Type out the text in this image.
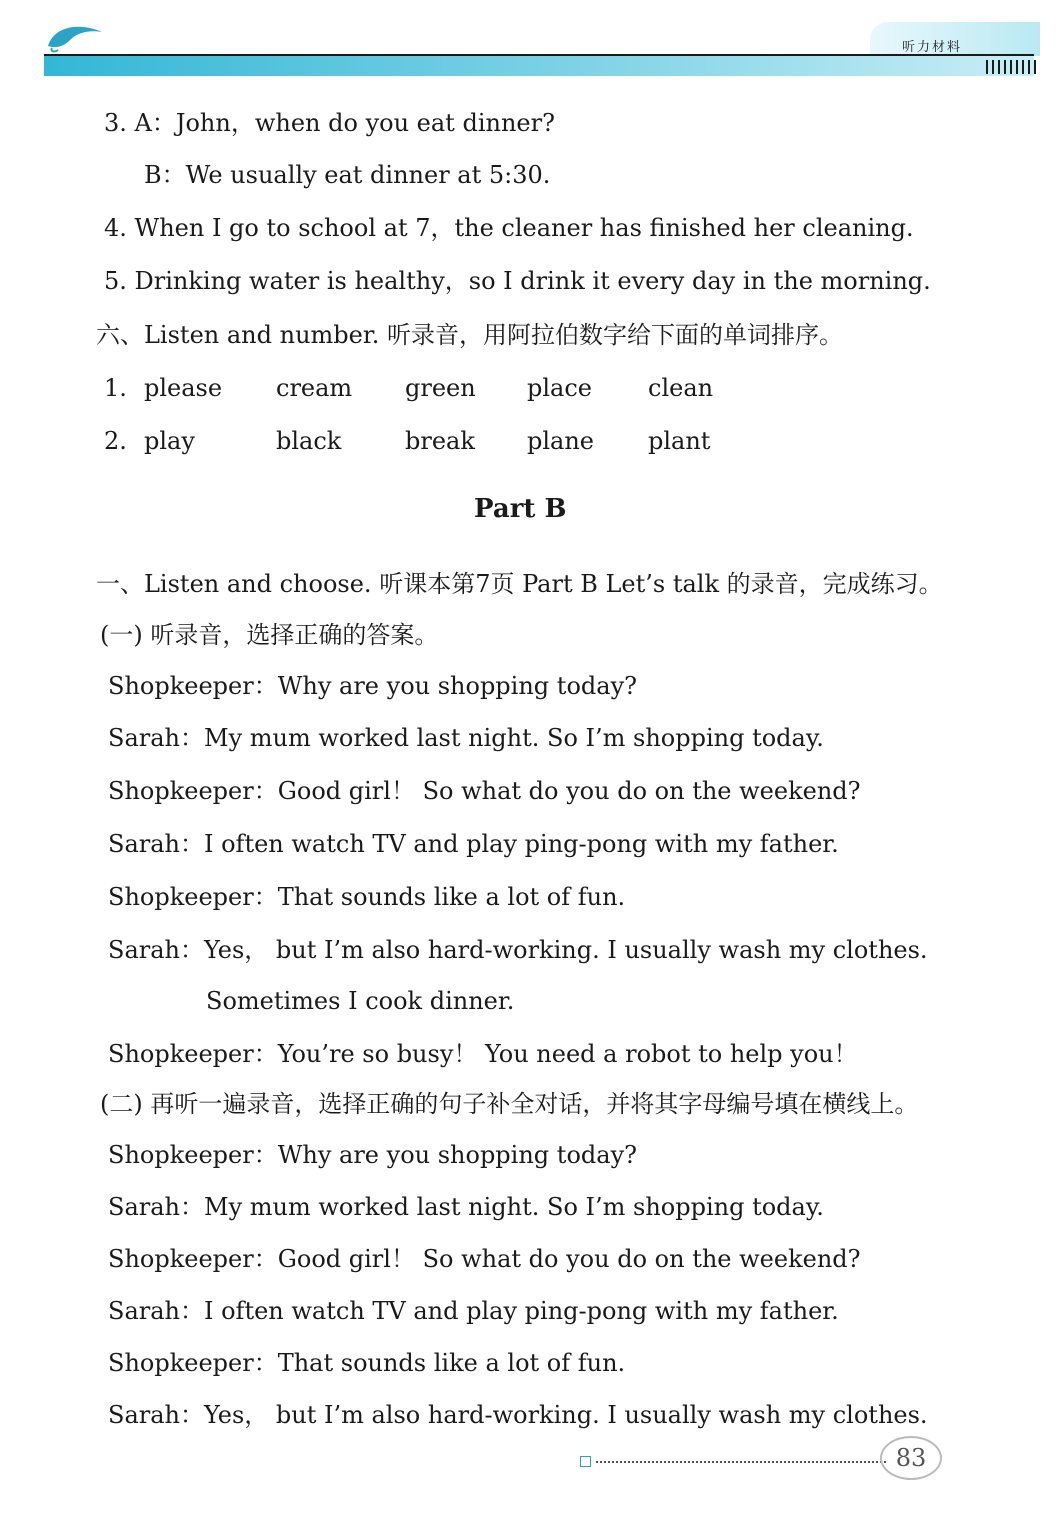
听力材料
3. A：John，when do you eat dinner?
B：We usually eat dinner at 5:30.
4. When I go to school at 7，the cleaner has finished her cleaning.
5. Drinking water is healthy，so I drink it every day in the morning.
六、Listen and number. 听录音，用阿拉伯数字给下面的单词排序。
1. please cream green place clean
2. play	black	break plane plant
Part B
一、Listen and choose. 听课本第7页 Part B Let’s talk 的录音，完成练习。
(一) 听录音，选择正确的答案。
Shopkeeper：Why are you shopping today?
Sarah：My mum worked last night. So I’m shopping today.
Shopkeeper：Good girl！ So what do you do on the weekend?
Sarah：I often watch TV and play ping-pong with my father.
Shopkeeper：That sounds like a lot of fun.
Sarah：Yes， but I’m also hard-working. I usually wash my clothes.
Sometimes I cook dinner.
Shopkeeper：You’re so busy！ You need a robot to help you！
(二) 再听一遍录音，选择正确的句子补全对话，并将其字母编号填在横线上。
Shopkeeper：Why are you shopping today?
Sarah：My mum worked last night. So I’m shopping today.
Shopkeeper：Good girl！ So what do you do on the weekend?
Sarah：I often watch TV and play ping-pong with my father.
Shopkeeper：That sounds like a lot of fun.
Sarah：Yes， but I’m also hard-working. I usually wash my clothes.
83
